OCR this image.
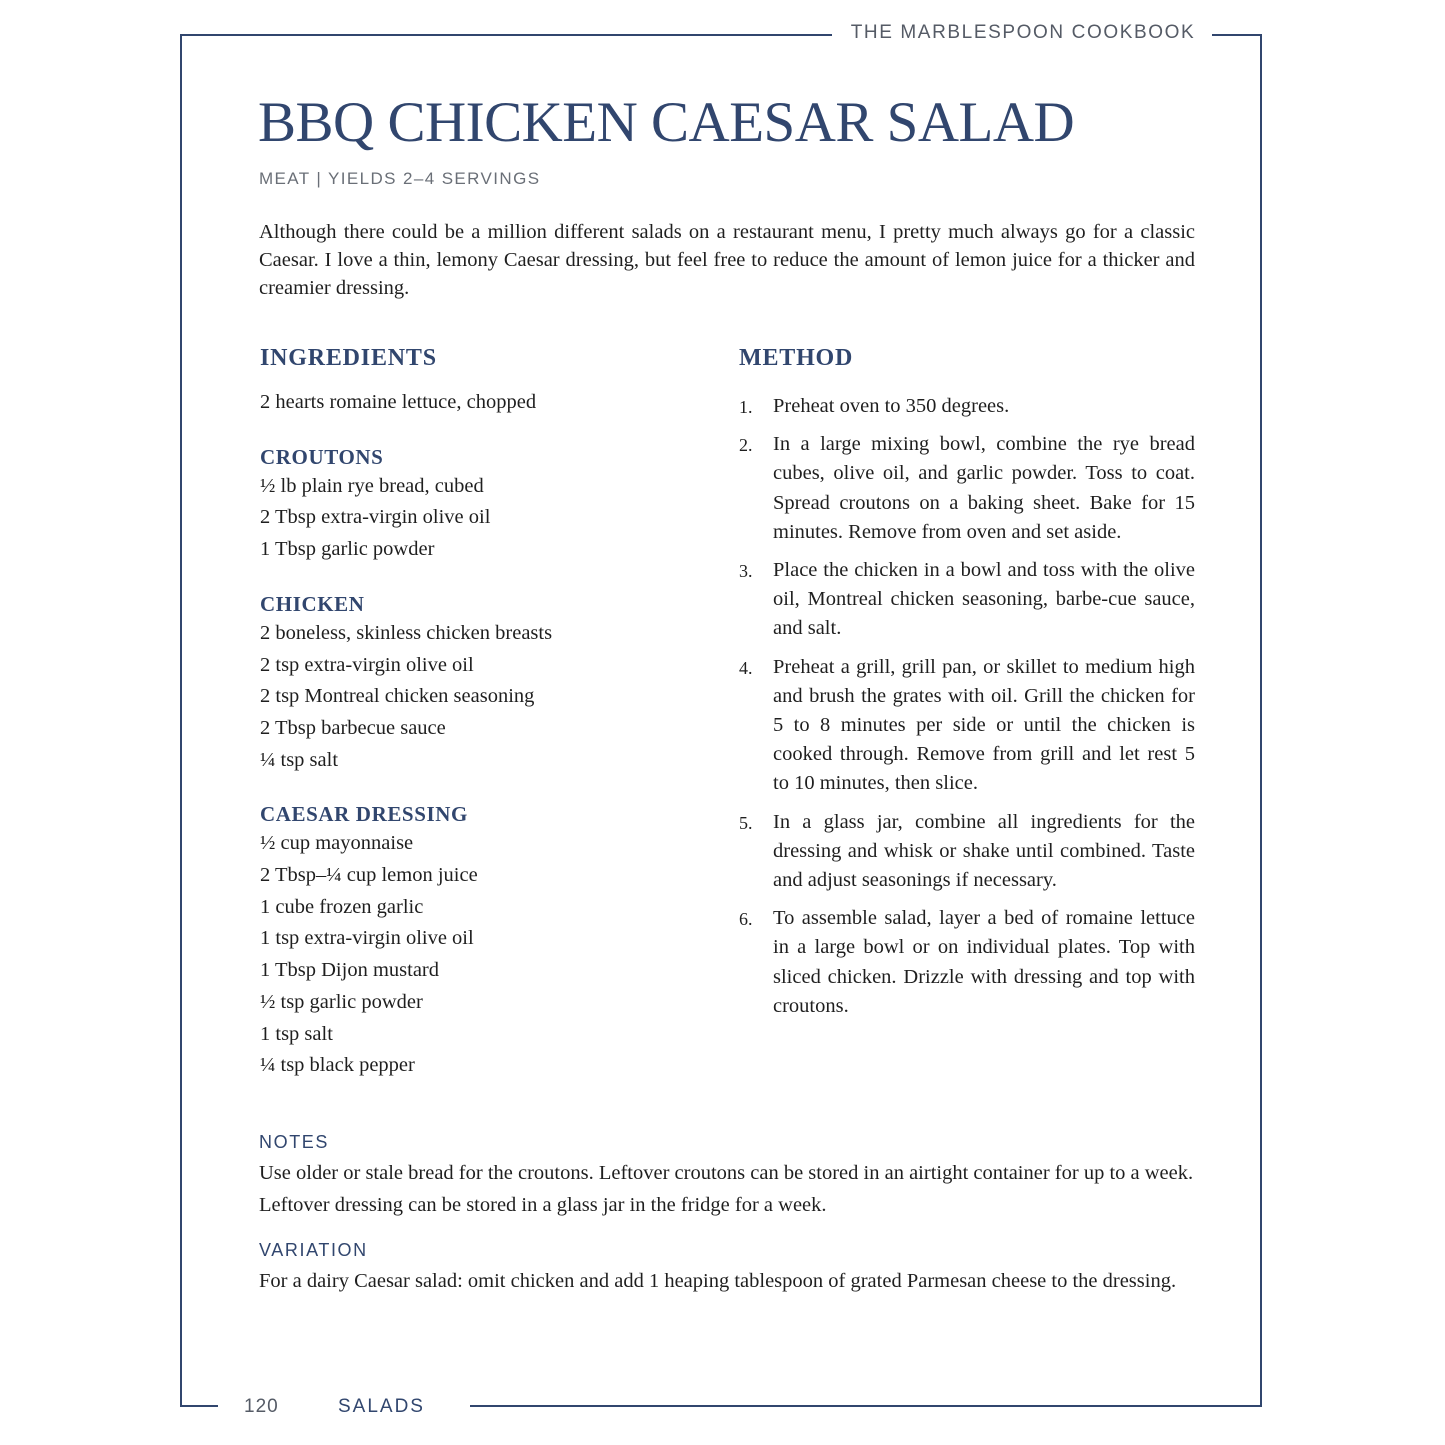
THE MARBLESPOON COOKBOOK
120	SALADS
BBQ CHICKEN CAESAR SALAD
MEAT | YIELDS 2–4 SERVINGS

Although there could be a million different salads on a restaurant menu, I pretty much always go for a classic Caesar. I love a thin, lemony Caesar dressing, but feel free to reduce the amount of lemon juice for a thicker and creamier dressing.

INGREDIENTS
2 hearts romaine lettuce, chopped
CROUTONS
½ lb plain rye bread, cubed
2 Tbsp extra-virgin olive oil
1 Tbsp garlic powder
CHICKEN
2 boneless, skinless chicken breasts
2 tsp extra-virgin olive oil
2 tsp Montreal chicken seasoning
2 Tbsp barbecue sauce
¼ tsp salt
CAESAR DRESSING
½ cup mayonnaise
2 Tbsp–¼ cup lemon juice
1 cube frozen garlic
1 tsp extra-virgin olive oil
1 Tbsp Dijon mustard
½ tsp garlic powder
1 tsp salt
¼ tsp black pepper
METHOD
1. Preheat oven to 350 degrees.
2. In a large mixing bowl, combine the rye bread cubes, olive oil, and garlic powder. Toss to coat. Spread croutons on a baking sheet. Bake for 15 minutes. Remove from oven and set aside.
3. Place the chicken in a bowl and toss with the olive oil, Montreal chicken seasoning, barbe-cue sauce, and salt.
4. Preheat a grill, grill pan, or skillet to medium high and brush the grates with oil. Grill the chicken for 5 to 8 minutes per side or until the chicken is cooked through. Remove from grill and let rest 5 to 10 minutes, then slice.
5. In a glass jar, combine all ingredients for the dressing and whisk or shake until combined. Taste and adjust seasonings if necessary.
6. To assemble salad, layer a bed of romaine lettuce in a large bowl or on individual plates. Top with sliced chicken. Drizzle with dressing and top with croutons.
NOTES

Use older or stale bread for the croutons. Leftover croutons can be stored in an airtight container for up to a week. Leftover dressing can be stored in a glass jar in the fridge for a week.

VARIATION

For a dairy Caesar salad: omit chicken and add 1 heaping tablespoon of grated Parmesan cheese to the dressing.
